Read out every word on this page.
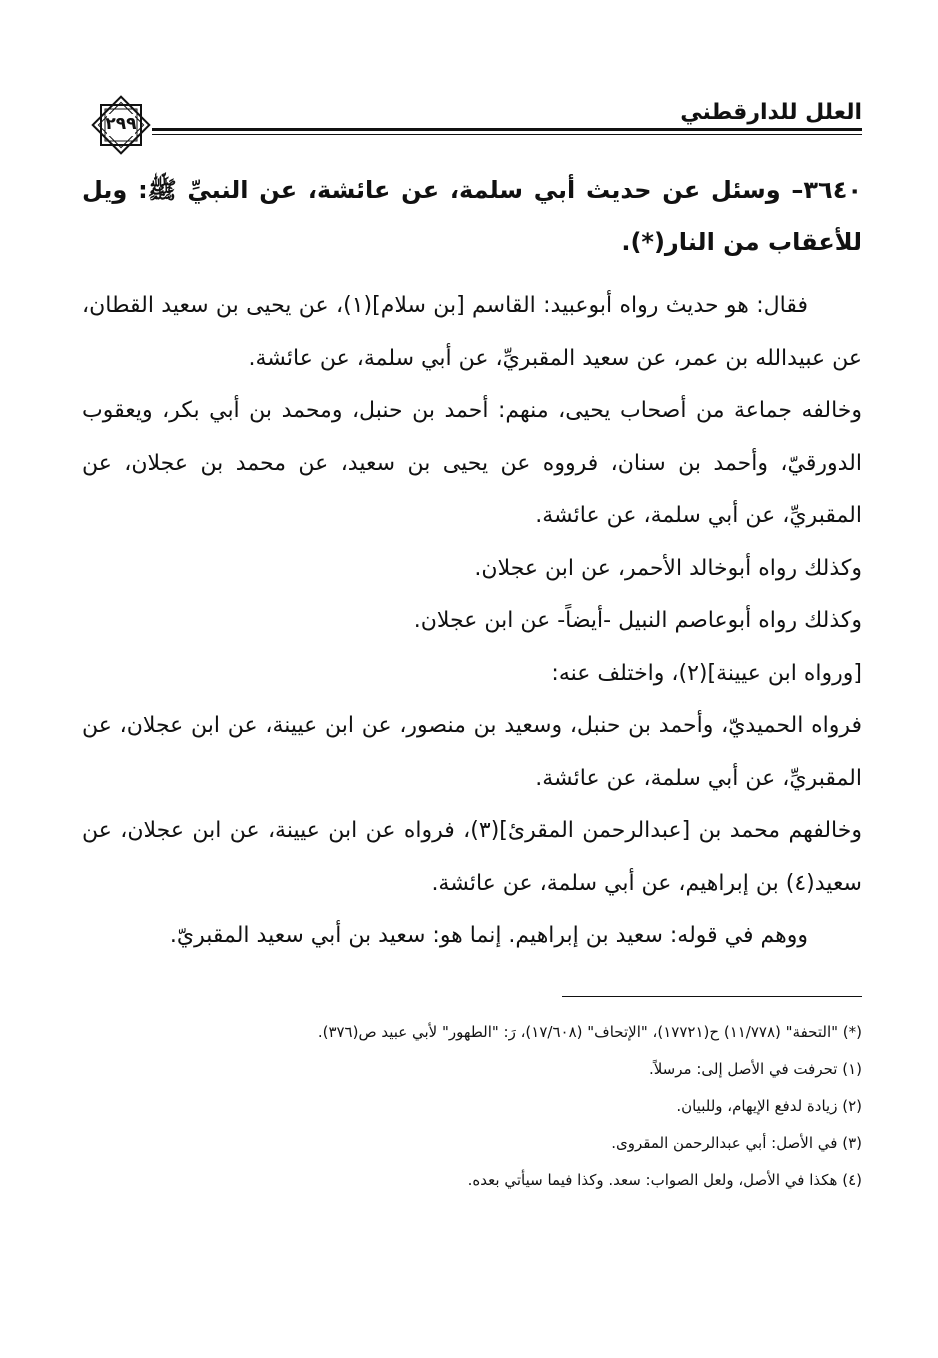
العلل للدارقطني
٢٩٩
٣٦٤٠– وسئل عن حديث أبي سلمة، عن عائشة، عن النبيِّ ﷺ: ويل للأعقاب من النار(*).

فقال: هو حديث رواه أبوعبيد: القاسم [بن سلام](١)، عن يحيى بن سعيد القطان، عن عبيدالله بن عمر، عن سعيد المقبريِّ، عن أبي سلمة، عن عائشة.

وخالفه جماعة من أصحاب يحيى، منهم: أحمد بن حنبل، ومحمد بن أبي بكر، ويعقوب الدورقيّ، وأحمد بن سنان، فرووه عن يحيى بن سعيد، عن محمد بن عجلان، عن المقبريِّ، عن أبي سلمة، عن عائشة.

وكذلك رواه أبوخالد الأحمر، عن ابن عجلان.

وكذلك رواه أبوعاصم النبيل -أيضاً- عن ابن عجلان.

[ورواه ابن عيينة](٢)، واختلف عنه:

فرواه الحميديّ، وأحمد بن حنبل، وسعيد بن منصور، عن ابن عيينة، عن ابن عجلان، عن المقبريِّ، عن أبي سلمة، عن عائشة.

وخالفهم محمد بن [عبدالرحمن المقرئ](٣)، فرواه عن ابن عيينة، عن ابن عجلان، عن سعيد(٤) بن إبراهيم، عن أبي سلمة، عن عائشة.

ووهم في قوله: سعيد بن إبراهيم. إنما هو: سعيد بن أبي سعيد المقبريّ.

(*) "التحفة" (١١/٧٧٨) ح(١٧٧٢١)، "الإتحاف" (١٧/٦٠٨)، رَ: "الطهور" لأبي عبيد ص(٣٧٦).
(١) تحرفت في الأصل إلى: مرسلاً.
(٢) زيادة لدفع الإيهام، وللبيان.
(٣) في الأصل: أبي عبدالرحمن المقروى.
(٤) هكذا في الأصل، ولعل الصواب: سعد. وكذا فيما سيأتي بعده.
